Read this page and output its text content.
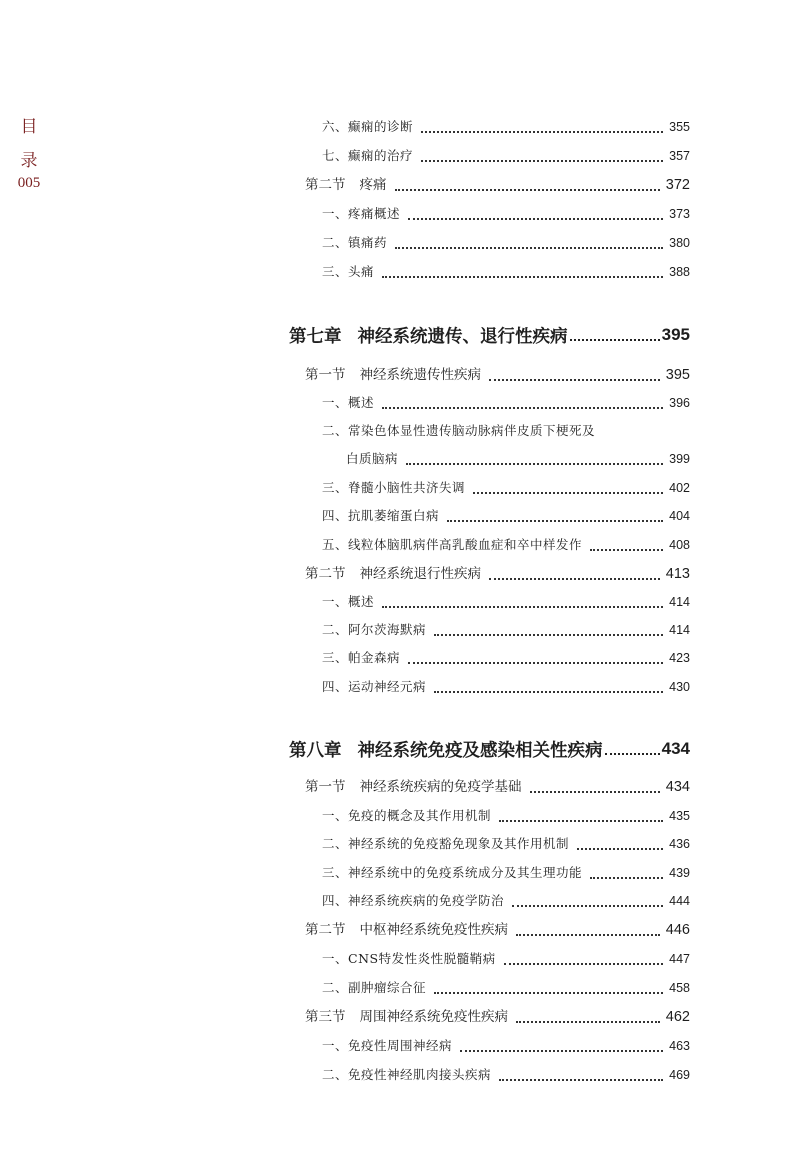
目
录
005
六、癫痫的诊断	355
七、癫痫的治疗	357
第二节 疼痛	372
一、疼痛概述	373
二、镇痛药	380
三、头痛	388
第七章 神经系统遗传、退行性疾病	395
第一节 神经系统遗传性疾病	395
一、概述	396
二、常染色体显性遗传脑动脉病伴皮质下梗死及
白质脑病	399
三、脊髓小脑性共济失调	402
四、抗肌萎缩蛋白病	404
五、线粒体脑肌病伴高乳酸血症和卒中样发作	408
第二节 神经系统退行性疾病	413
一、概述	414
二、阿尔茨海默病	414
三、帕金森病	423
四、运动神经元病	430
第八章 神经系统免疫及感染相关性疾病	434
第一节 神经系统疾病的免疫学基础	434
一、免疫的概念及其作用机制	435
二、神经系统的免疫豁免现象及其作用机制	436
三、神经系统中的免疫系统成分及其生理功能	439
四、神经系统疾病的免疫学防治	444
第二节 中枢神经系统免疫性疾病	446
一、CNS特发性炎性脱髓鞘病	447
二、副肿瘤综合征	458
第三节 周围神经系统免疫性疾病	462
一、免疫性周围神经病	463
二、免疫性神经肌肉接头疾病	469
